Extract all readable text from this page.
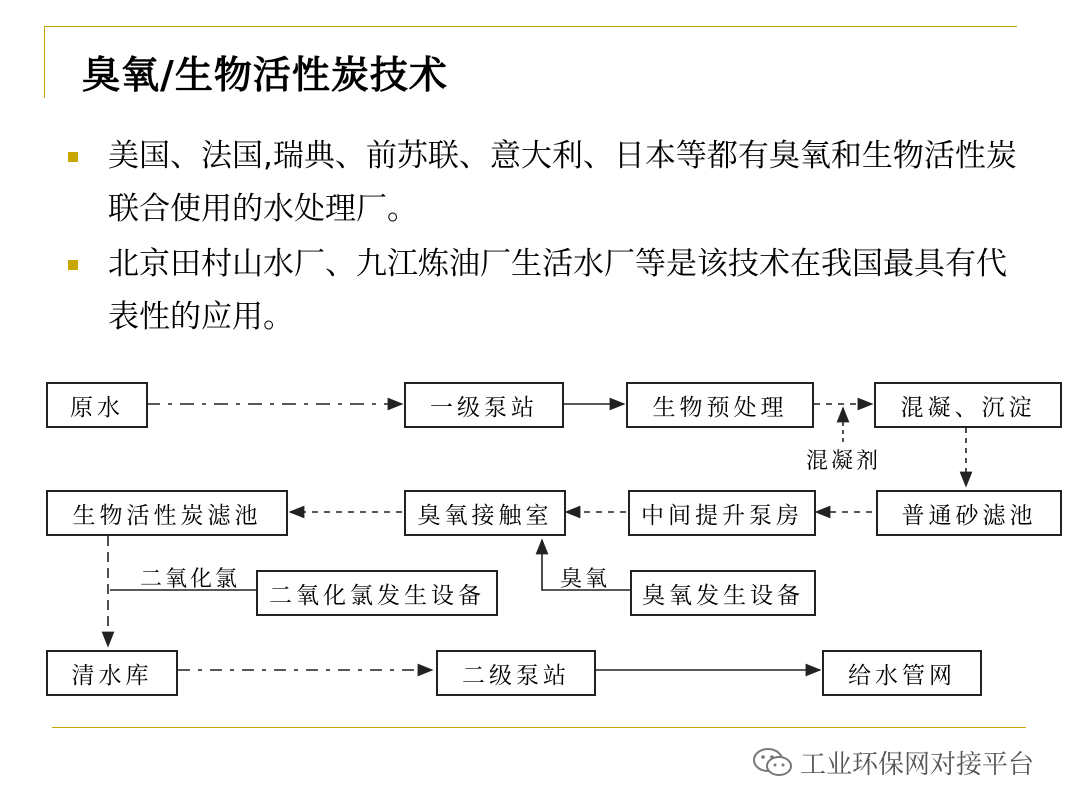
臭氧/生物活性炭技术
美国、法国,瑞典、前苏联、意大利、日本等都有臭氧和生物活性炭联合使用的水处理厂。
北京田村山水厂、九江炼油厂生活水厂等是该技术在我国最具有代表性的应用。
原水	一级泵站	生物预处理	混凝、沉淀
混凝剂
生物活性炭滤池	臭氧接触室	中间提升泵房	普通砂滤池
二氧化氯
二氧化氯发生设备
臭氧
臭氧发生设备
清水库	二级泵站	给水管网
工业环保网对接平台
